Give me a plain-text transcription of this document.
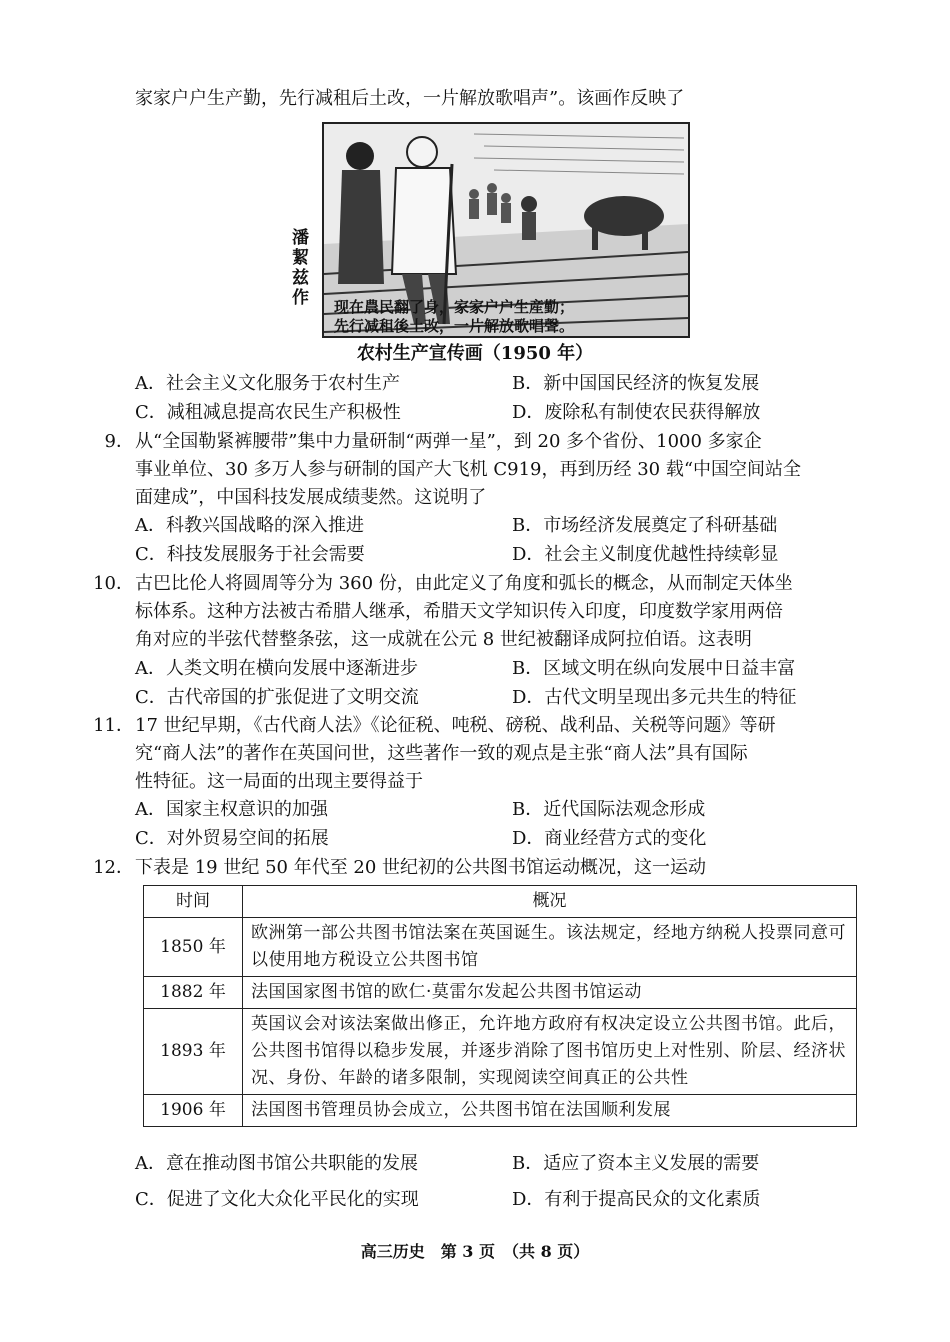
家家户户生产勤，先行减租后土改，一片解放歌唱声”。该画作反映了
潘
絜
兹
作	现在農民翻了身，家家户户生産勤；
先行减租後土改，一片解放歌唱聲。
农村生产宣传画（1950 年）
A．社会主义文化服务于农村生产	B．新中国国民经济的恢复发展
C．减租减息提高农民生产积极性	D．废除私有制使农民获得解放
9． 从“全国勒紧裤腰带”集中力量研制“两弹一星”，到 20 多个省份、1000 多家企
事业单位、30 多万人参与研制的国产大飞机 C919，再到历经 30 载“中国空间站全
面建成”，中国科技发展成绩斐然。这说明了
A．科教兴国战略的深入推进	B．市场经济发展奠定了科研基础
C．科技发展服务于社会需要	D．社会主义制度优越性持续彰显
10． 古巴比伦人将圆周等分为 360 份，由此定义了角度和弧长的概念，从而制定天体坐
标体系。这种方法被古希腊人继承，希腊天文学知识传入印度，印度数学家用两倍
角对应的半弦代替整条弦，这一成就在公元 8 世纪被翻译成阿拉伯语。这表明
A．人类文明在横向发展中逐渐进步	B．区域文明在纵向发展中日益丰富
C．古代帝国的扩张促进了文明交流	D．古代文明呈现出多元共生的特征
11． 17 世纪早期，《古代商人法》《论征税、吨税、磅税、战利品、关税等问题》等研
究“商人法”的著作在英国问世，这些著作一致的观点是主张“商人法”具有国际
性特征。这一局面的出现主要得益于
A．国家主权意识的加强	B．近代国际法观念形成
C．对外贸易空间的拓展	D．商业经营方式的变化
12． 下表是 19 世纪 50 年代至 20 世纪初的公共图书馆运动概况，这一运动
时间	概况
1850 年	欧洲第一部公共图书馆法案在英国诞生。该法规定，经地方纳税人投票同意可以使用地方税设立公共图书馆
1882 年	法国国家图书馆的欧仁·莫雷尔发起公共图书馆运动
1893 年	英国议会对该法案做出修正，允许地方政府有权决定设立公共图书馆。此后，公共图书馆得以稳步发展，并逐步消除了图书馆历史上对性别、阶层、经济状况、身份、年龄的诸多限制，实现阅读空间真正的公共性
1906 年	法国图书管理员协会成立，公共图书馆在法国顺利发展
A．意在推动图书馆公共职能的发展	B．适应了资本主义发展的需要
C．促进了文化大众化平民化的实现	D．有利于提高民众的文化素质
高三历史　第 3 页　（共 8 页）
